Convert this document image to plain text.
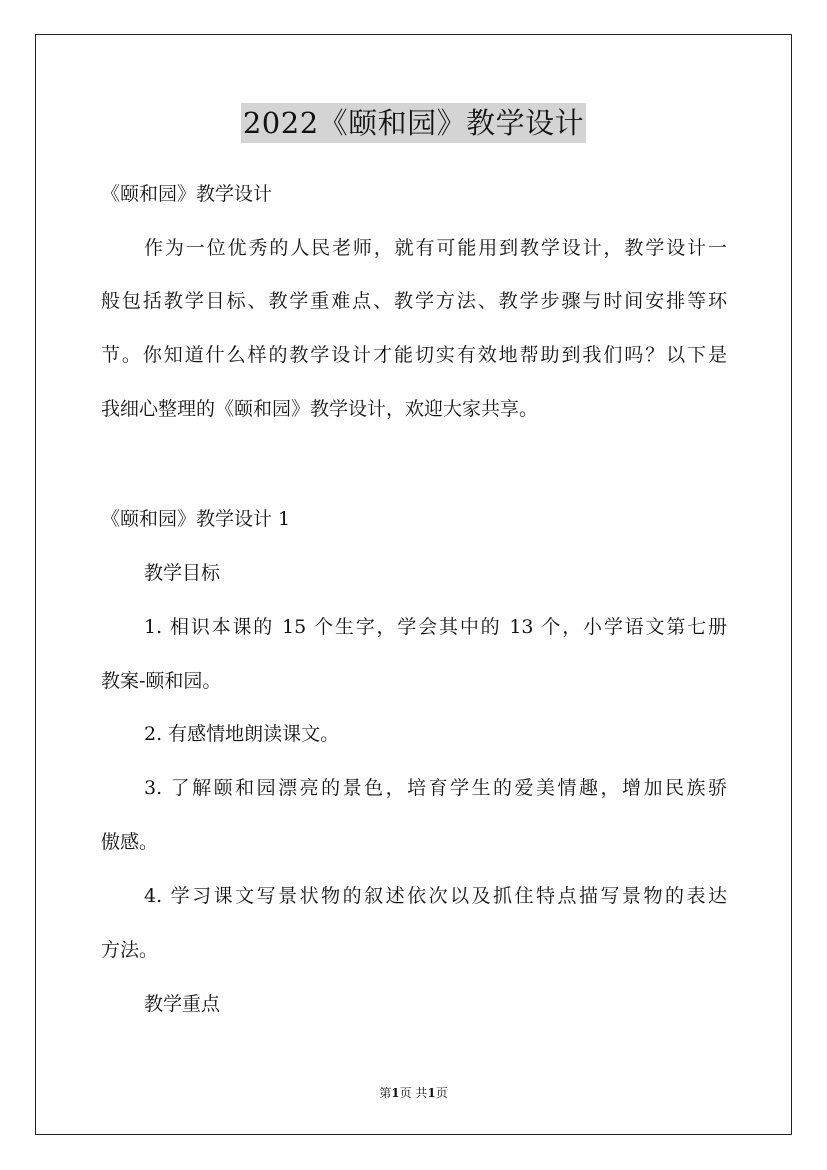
2022《颐和园》教学设计
《颐和园》教学设计
作为一位优秀的人民老师，就有可能用到教学设计，教学设计一
般包括教学目标、教学重难点、教学方法、教学步骤与时间安排等环
节。你知道什么样的教学设计才能切实有效地帮助到我们吗？以下是
我细心整理的《颐和园》教学设计，欢迎大家共享。
《颐和园》教学设计 1
教学目标
1. 相识本课的 15 个生字，学会其中的 13 个，小学语文第七册
教案-颐和园。
2. 有感情地朗读课文。
3. 了解颐和园漂亮的景色，培育学生的爱美情趣，增加民族骄
傲感。
4. 学习课文写景状物的叙述依次以及抓住特点描写景物的表达
方法。
教学重点
第1页 共1页
